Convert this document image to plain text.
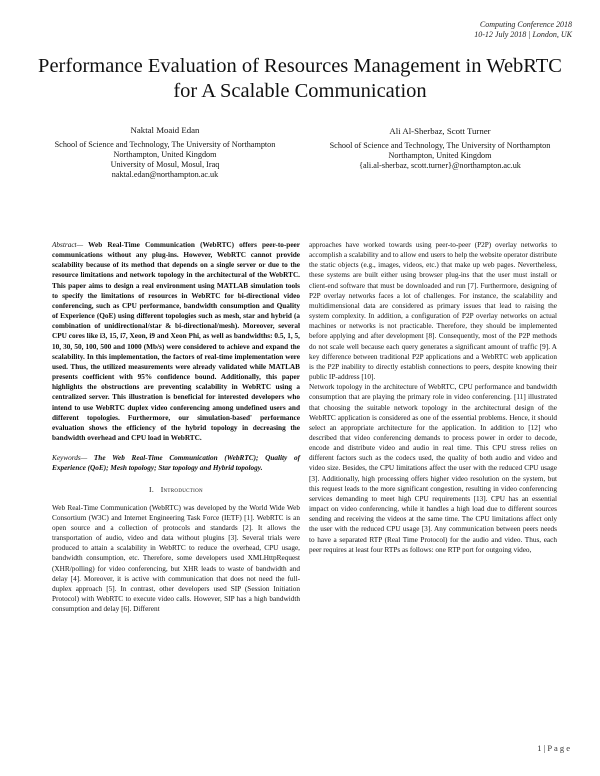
Computing Conference 2018
10-12 July 2018 | London, UK
Performance Evaluation of Resources Management in WebRTC for A Scalable Communication
Naktal Moaid Edan
School of Science and Technology, The University of Northampton
Northampton, United Kingdom
University of Mosul, Mosul, Iraq
naktal.edan@northampton.ac.uk
Ali Al-Sherbaz, Scott Turner
School of Science and Technology, The University of Northampton
Northampton, United Kingdom
{ali.al-sherbaz, scott.turner}@northampton.ac.uk

Abstract— Web Real-Time Communication (WebRTC) offers peer-to-peer communications without any plug-ins. However, WebRTC cannot provide scalability because of its method that depends on a single server or due to the resource limitations and network topology in the architectural of the WebRTC. This paper aims to design a real environment using MATLAB simulation tools to specify the limitations of resources in WebRTC for bi-directional video conferencing, such as CPU performance, bandwidth consumption and Quality of Experience (QoE) using different topologies such as mesh, star and hybrid (a combination of unidirectional/star & bi-directional/mesh). Moreover, several CPU cores like i3, 15, i7, Xeon, i9 and Xeon Phi, as well as bandwidths: 0.5, 1, 5, 10, 30, 50, 100, 500 and 1000 (Mb/s) were considered to achieve and expand the scalability. In this implementation, the factors of real-time implementation were used. Thus, the utilized measurements were already validated while MATLAB presents coefficient with 95% confidence bound. Additionally, this paper highlights the obstructions are preventing scalability in WebRTC using a centralized server. This illustration is beneficial for interested developers who intend to use WebRTC duplex video conferencing among undefined users and different topologies. Furthermore, our simulation-based' performance evaluation shows the efficiency of the hybrid topology in decreasing the bandwidth overhead and CPU load in WebRTC.

Keywords— The Web Real-Time Communication (WebRTC); Quality of Experience (QoE); Mesh topology; Star topology and Hybrid topology.

I. Introduction

Web Real-Time Communication (WebRTC) was developed by the World Wide Web Consortium (W3C) and Internet Engineering Task Force (IETF) [1]. WebRTC is an open source and a collection of protocols and standards [2]. It allows the transportation of audio, video and data without plugins [3]. Several trials were produced to attain a scalability in WebRTC to reduce the overhead, CPU usage, bandwidth consumption, etc. Therefore, some developers used XMLHttpRequest (XHR/polling) for video conferencing, but XHR leads to waste of bandwidth and delay [4]. Moreover, it is active with communication that does not need the full-duplex approach [5]. In contrast, other developers used SIP (Session Initiation Protocol) with WebRTC to execute video calls. However, SIP has a high bandwidth consumption and delay [6]. Different

approaches have worked towards using peer-to-peer (P2P) overlay networks to accomplish a scalability and to allow end users to help the website operator distribute the static objects (e.g., images, videos, etc.) that make up web pages. Nevertheless, these systems are built either using browser plug-ins that the user must install or client-end software that must be downloaded and run [7]. Furthermore, designing of P2P overlay networks faces a lot of challenges. For instance, the scalability and multidimensional data are considered as primary issues that lead to raising the system complexity. In addition, a configuration of P2P overlay networks on actual machines or networks is not practicable. Therefore, they should be implemented before applying and after development [8]. Consequently, most of the P2P methods do not scale well because each query generates a significant amount of traffic [9]. A key difference between traditional P2P applications and a WebRTC web application is the P2P inability to directly establish connections to peers, despite knowing their public IP-address [10].

Network topology in the architecture of WebRTC, CPU performance and bandwidth consumption that are playing the primary role in video conferencing. [11] illustrated that choosing the suitable network topology in the architectural design of the WebRTC application is considered as one of the essential problems. Hence, it should select an appropriate architecture for the application. In addition to [12] who described that video conferencing demands to process power in order to decode, encode and distribute video and audio in real time. This CPU stress relies on different factors such as the codecs used, the quality of both audio and video and video size. Besides, the CPU limitations affect the user with the reduced CPU usage [3]. Additionally, high processing offers higher video resolution on the system, but this request leads to the more significant congestion, resulting in video conferencing services demanding to meet high CPU requirements [13]. CPU has an essential impact on video conferencing, while it handles a high load due to different sources sending and receiving the videos at the same time. The CPU limitations affect only the user with the reduced CPU usage [3]. Any communication between peers needs to have a separated RTP (Real Time Protocol) for the audio and video. Thus, each peer requires at least four RTPs as follows: one RTP port for outgoing video,

1 | P a g e
